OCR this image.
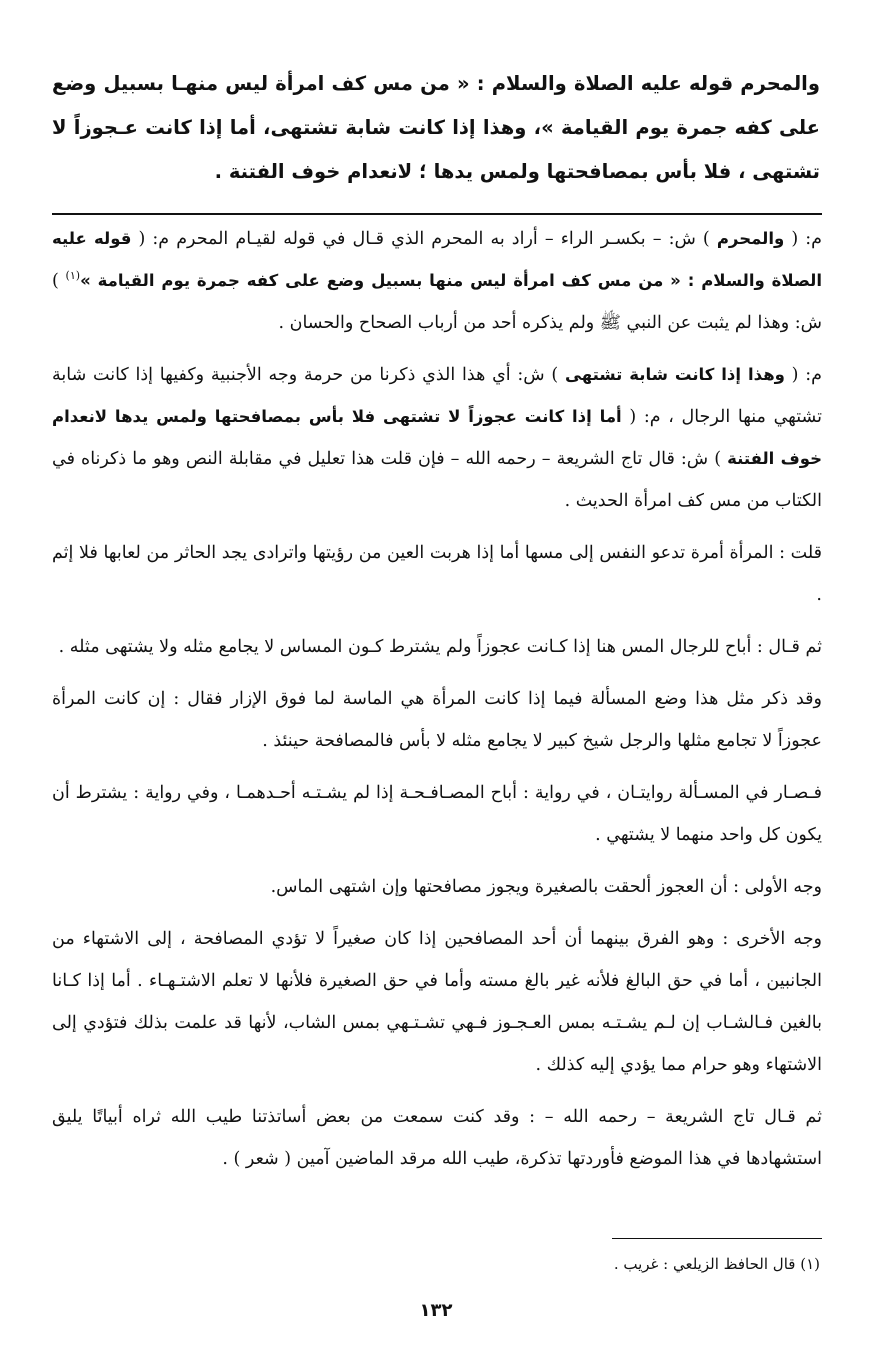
والمحرم قوله عليه الصلاة والسلام : « من مس كف امرأة ليس منهـا بسبيل وضع على كفه جمرة يوم القيامة »، وهذا إذا كانت شابة تشتهى، أما إذا كانت عـجوزاً لا تشتهى ، فلا بأس بمصافحتها ولمس يدها ؛ لانعدام خوف الفتنة .

م: ( والمحرم ) ش: – بكسـر الراء – أراد به المحرم الذي قـال في قوله لقيـام المحرم م: ( قوله عليه الصلاة والسلام : « من مس كف امرأة ليس منها بسبيل وضع على كفه جمرة يوم القيامة »$^{(١)}$ ) ش: وهذا لم يثبت عن النبي ﷺ ولم يذكره أحد من أرباب الصحاح والحسان .

م: ( وهذا إذا كانت شابة تشتهى ) ش: أي هذا الذي ذكرنا من حرمة وجه الأجنبية وكفيها إذا كانت شابة تشتهي منها الرجال ، م: ( أما إذا كانت عجوزاً لا تشتهى فلا بأس بمصافحتها ولمس يدها لانعدام خوف الفتنة ) ش: قال تاج الشريعة – رحمه الله – فإن قلت هذا تعليل في مقابلة النص وهو ما ذكرناه في الكتاب من مس كف امرأة الحديث .

قلت : المرأة أمرة تدعو النفس إلى مسها أما إذا هربت العين من رؤيتها واترادى يجد الحاثر من لعابها فلا إثم .

ثم قـال : أباح للرجال المس هنا إذا كـانت عجوزاً ولم يشترط كـون المساس لا يجامع مثله ولا يشتهى مثله .

وقد ذكر مثل هذا وضع المسألة فيما إذا كانت المرأة هي الماسة لما فوق الإزار فقال : إن كانت المرأة عجوزاً لا تجامع مثلها والرجل شيخ كبير لا يجامع مثله لا بأس فالمصافحة حينئذ .

فـصـار في المسـألة روايتـان ، في رواية : أباح المصـافـحـة إذا لم يشـتـه أحـدهمـا ، وفي رواية : يشترط أن يكون كل واحد منهما لا يشتهي .

وجه الأولى : أن العجوز ألحقت بالصغيرة ويجوز مصافحتها وإن اشتهى الماس.

وجه الأخرى : وهو الفرق بينهما أن أحد المصافحين إذا كان صغيراً لا تؤدي المصافحة ، إلى الاشتهاء من الجانبين ، أما في حق البالغ فلأنه غير بالغ مسته وأما في حق الصغيرة فلأنها لا تعلم الاشتـهـاء . أما إذا كـانا بالغين فـالشـاب إن لـم يشـتـه بمس العـجـوز فـهي تشـتـهي بمس الشاب، لأنها قد علمت بذلك فتؤدي إلى الاشتهاء وهو حرام مما يؤدي إليه كذلك .

ثم قـال تاج الشريعة – رحمه الله – : وقد كنت سمعت من بعض أساتذتنا طيب الله ثراه أبياتًا يليق استشهادها في هذا الموضع فأوردتها تذكرة، طيب الله مرقد الماضين آمين ( شعر ) .

(١) قال الحافظ الزيلعي : غريب .
١٣٢
